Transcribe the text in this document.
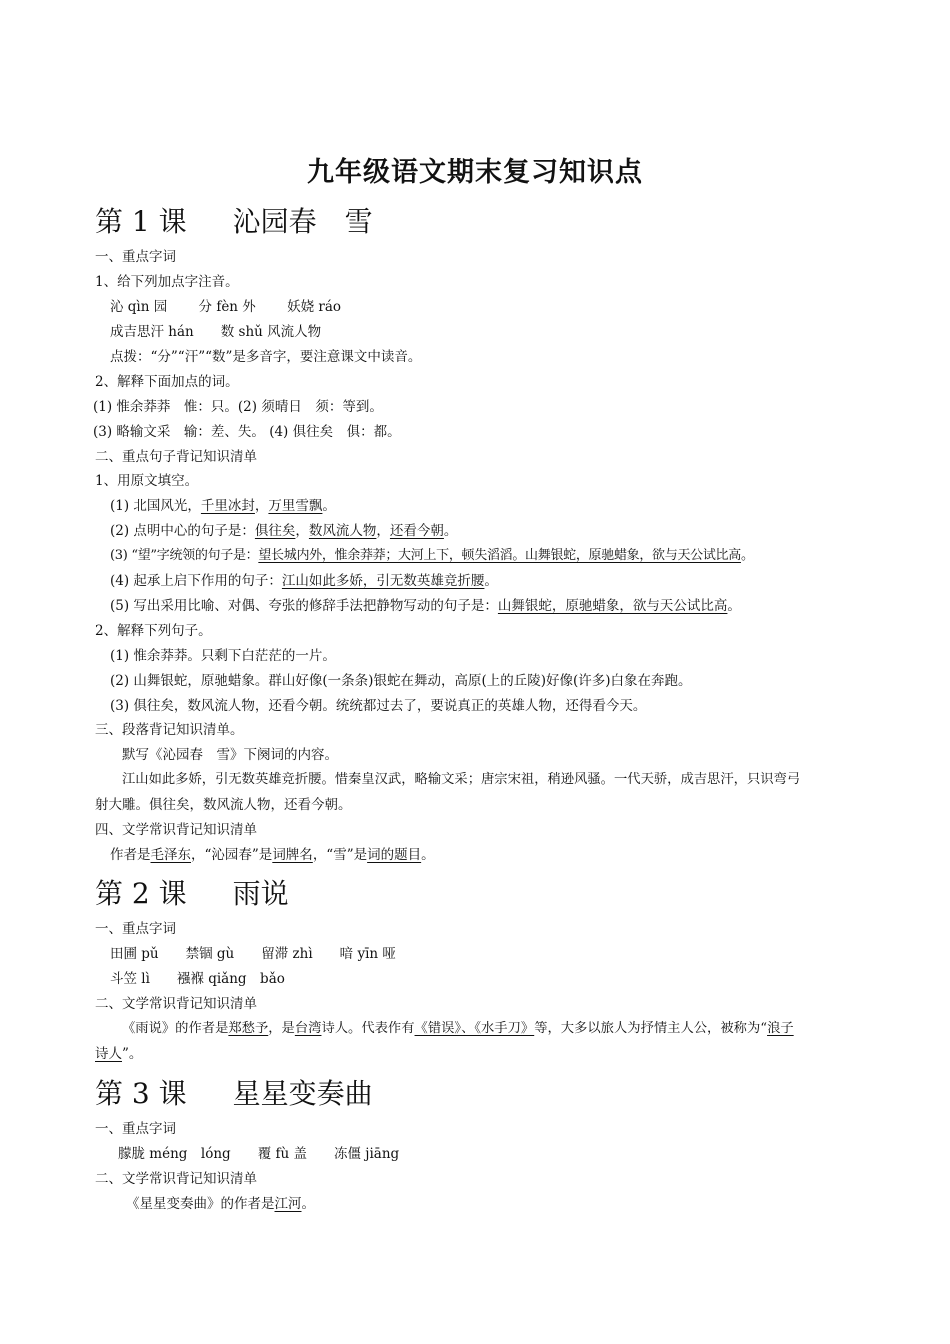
九年级语文期末复习知识点
第 1 课 沁园春　雪
一、重点字词
1、给下列加点字注音。
沁 qìn 园　　 分 fèn 外　　 妖娆 ráo
成吉思汗 hán　　数 shǔ 风流人物
点拨：“分”“汗”“数”是多音字，要注意课文中读音。
2、解释下面加点的词。
(1) 惟余莽莽　惟：只。(2) 须晴日　须：等到。
(3) 略输文采　输：差、失。 (4) 俱往矣　俱：都。
二、重点句子背记知识清单
1、用原文填空。
(1) 北国风光，千里冰封，万里雪飘。
(2) 点明中心的句子是：俱往矣，数风流人物，还看今朝。
(3) “望”字统领的句子是：望长城内外，惟余莽莽；大河上下，顿失滔滔。山舞银蛇，原驰蜡象，欲与天公试比高。
(4) 起承上启下作用的句子：江山如此多娇，引无数英雄竞折腰。
(5) 写出采用比喻、对偶、夸张的修辞手法把静物写动的句子是：山舞银蛇，原驰蜡象，欲与天公试比高。
2、解释下列句子。
(1) 惟余莽莽。只剩下白茫茫的一片。
(2) 山舞银蛇，原驰蜡象。群山好像(一条条)银蛇在舞动，高原(上的丘陵)好像(许多)白象在奔跑。
(3) 俱往矣，数风流人物，还看今朝。统统都过去了，要说真正的英雄人物，还得看今天。
三、段落背记知识清单。
默写《沁园春　雪》下阕词的内容。
江山如此多娇，引无数英雄竞折腰。惜秦皇汉武，略输文采；唐宗宋祖，稍逊风骚。一代天骄，成吉思汗，只识弯弓
射大雕。俱往矣，数风流人物，还看今朝。
四、文学常识背记知识清单
作者是毛泽东，“沁园春”是词牌名，“雪”是词的题目。
第 2 课 雨说
一、重点字词
田圃 pǔ　　禁锢 gù　　留滞 zhì　　喑 yīn 哑
斗笠 lì　　襁褓 qiǎng　bǎo
二、文学常识背记知识清单
《雨说》的作者是郑愁予，是台湾诗人。代表作有《错误》、《水手刀》等，大多以旅人为抒情主人公，被称为“浪子
诗人”。
第 3 课 星星变奏曲
一、重点字词
朦胧 méng　lóng　　覆 fù 盖　　冻僵 jiāng
二、文学常识背记知识清单
《星星变奏曲》的作者是江河。
